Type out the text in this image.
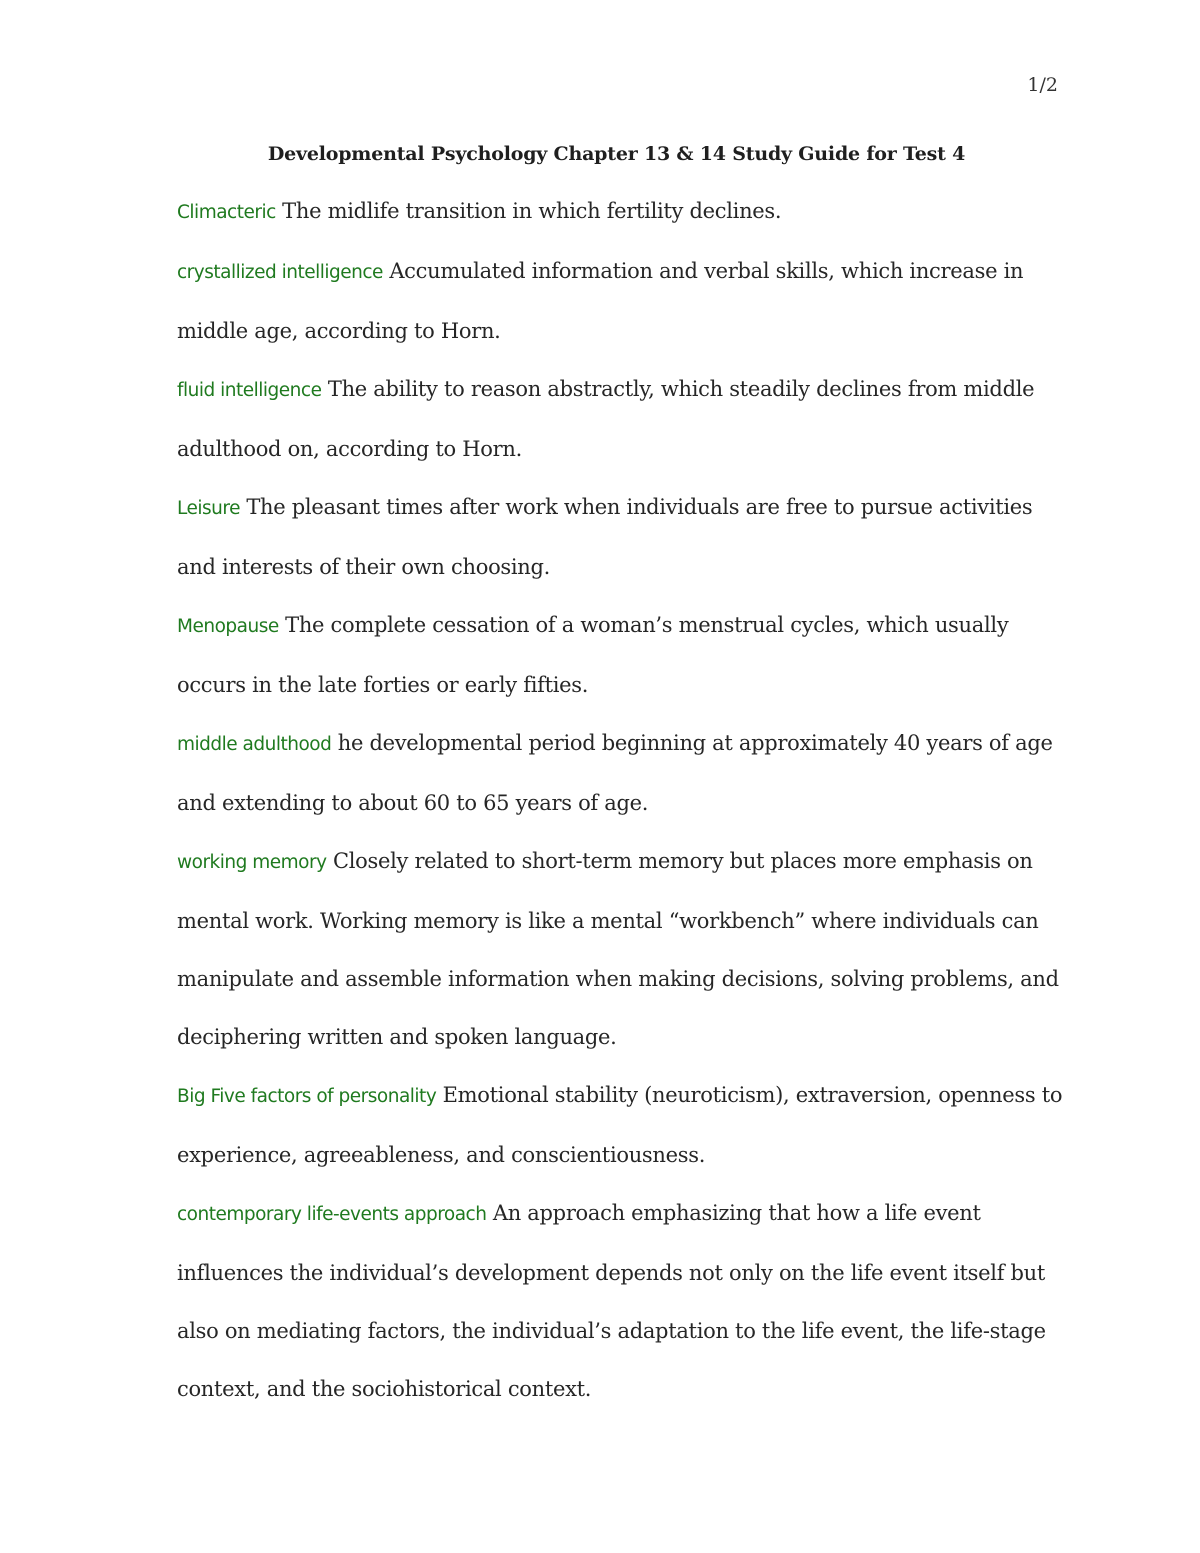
1/2
Developmental Psychology Chapter 13 & 14 Study Guide for Test 4

Climacteric The midlife transition in which fertility declines.

crystallized intelligence Accumulated information and verbal skills, which increase in middle age, according to Horn.

fluid intelligence The ability to reason abstractly, which steadily declines from middle adulthood on, according to Horn.

Leisure The pleasant times after work when individuals are free to pursue activities and interests of their own choosing.

Menopause The complete cessation of a woman’s menstrual cycles, which usually occurs in the late forties or early fifties.

middle adulthood he developmental period beginning at approximately 40 years of age and extending to about 60 to 65 years of age.

working memory Closely related to short-term memory but places more emphasis on mental work. Working memory is like a mental “workbench” where individuals can manipulate and assemble information when making decisions, solving problems, and deciphering written and spoken language.

Big Five factors of personality Emotional stability (neuroticism), extraversion, openness to experience, agreeableness, and conscientiousness.

contemporary life-events approach An approach emphasizing that how a life event influences the individual’s development depends not only on the life event itself but also on mediating factors, the individual’s adaptation to the life event, the life-stage context, and the sociohistorical context.
